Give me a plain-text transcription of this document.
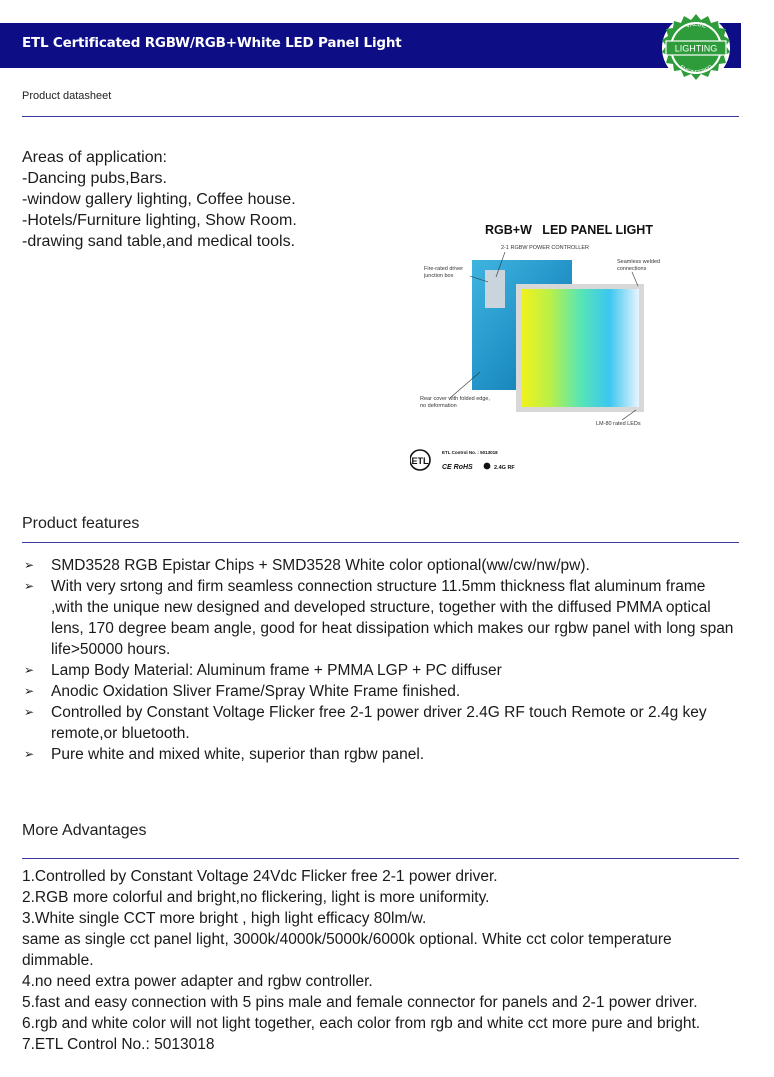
ETL Certificated RGBW/RGB+White LED Panel Light	LIGHTING
VALUE
ENGINEERED
Product datasheet
Areas of application:
-Dancing pubs,Bars.
-window gallery lighting, Coffee house.
-Hotels/Furniture lighting, Show Room.
-drawing sand table,and medical tools.
RGB+W   LED PANEL LIGHT
2-1 RGBW POWER CONTROLLER
Fire-rated driver junction box
Seamless welded connections
Rear cover with folded edge, no deformation
LM-80 rated LEDs
ETL
ETL Control No. : 5013018
CE RoHS	2.4G RF
Product features
➢ SMD3528 RGB Epistar Chips + SMD3528 White color optional(ww/cw/nw/pw).
➢ With very srtong and firm seamless connection structure 11.5mm thickness flat aluminum frame ,with the unique new designed and developed structure, together with the diffused PMMA optical lens, 170 degree beam angle, good for heat dissipation which makes our rgbw panel with long span life>50000 hours.
➢ Lamp Body Material: Aluminum frame + PMMA LGP + PC diffuser
➢ Anodic Oxidation Sliver Frame/Spray White Frame finished.
➢ Controlled by Constant Voltage Flicker free 2-1 power driver 2.4G RF touch Remote or 2.4g key remote,or bluetooth.
➢ Pure white and mixed white, superior than rgbw panel.
More Advantages
1.Controlled by Constant Voltage 24Vdc Flicker free 2-1 power driver.
2.RGB more colorful and bright,no flickering, light is more uniformity.
3.White single CCT more bright , high light efficacy 80lm/w.
same as single cct panel light, 3000k/4000k/5000k/6000k optional. White cct color temperature dimmable.
4.no need extra power adapter and rgbw controller.
5.fast and easy connection with 5 pins male and female connector for panels and 2-1 power driver.
6.rgb and white color will not light together, each color from rgb and white cct more pure and bright.
7.ETL Control No.: 5013018
